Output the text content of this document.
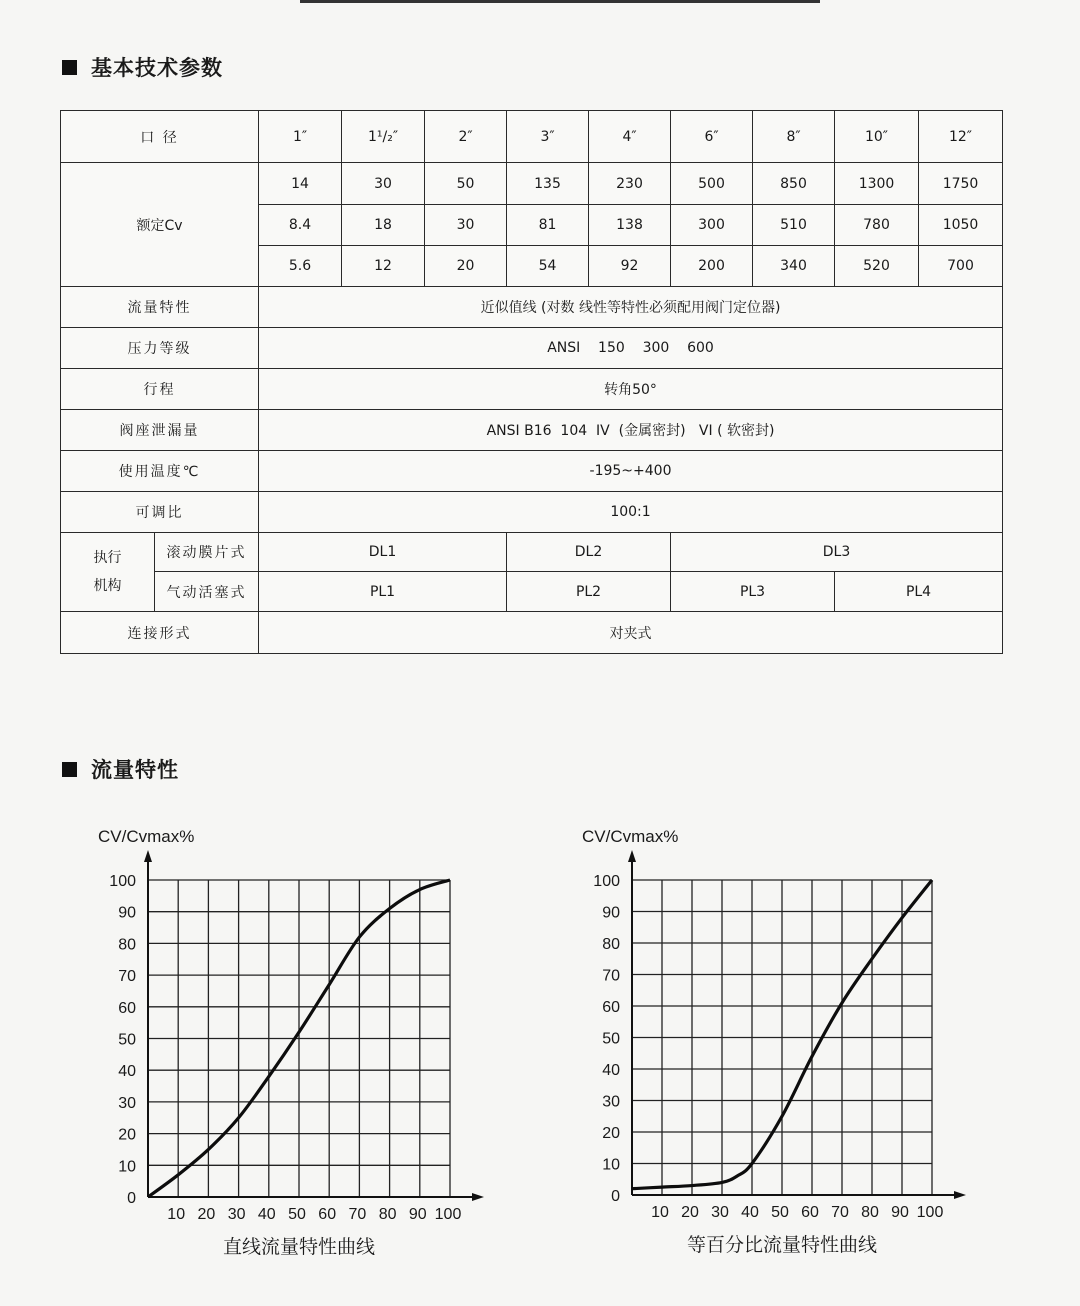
基本技术参数
口 径		1″	1¹/₂″	2″	3″	4″	6″	8″	10″	12″
额定Cv		14	30	50	135	230	500	850	1300	1750
		8.4	18	30	81	138	300	510	780	1050
		5.6	12	20	54	92	200	340	520	700
流量特性		近似值线 (对数 线性等特性必须配用阀门定位器)								
压力等级		ANSI    150    300    600								
行程		转角50°								
阀座泄漏量		ANSI B16  104  IV  (金属密封)   VI ( 软密封)								
使用温度℃		-195~+400								
可调比		100:1								

执行
机构	滚动膜片式	DL1			DL2		DL3			
	气动活塞式	PL1			PL2		PL3		PL4	
连接形式		对夹式								
流量特性
CV/Cvmax%
0
10
20
30
40
50
60
70
80
90
100
10 20 30 40 50 60 70 80 90 100
直线流量特性曲线
CV/Cvmax%
0
10
20
30
40
50
60
70
80
90
100
10 20 30 40 50 60 70 80 90 100
等百分比流量特性曲线
